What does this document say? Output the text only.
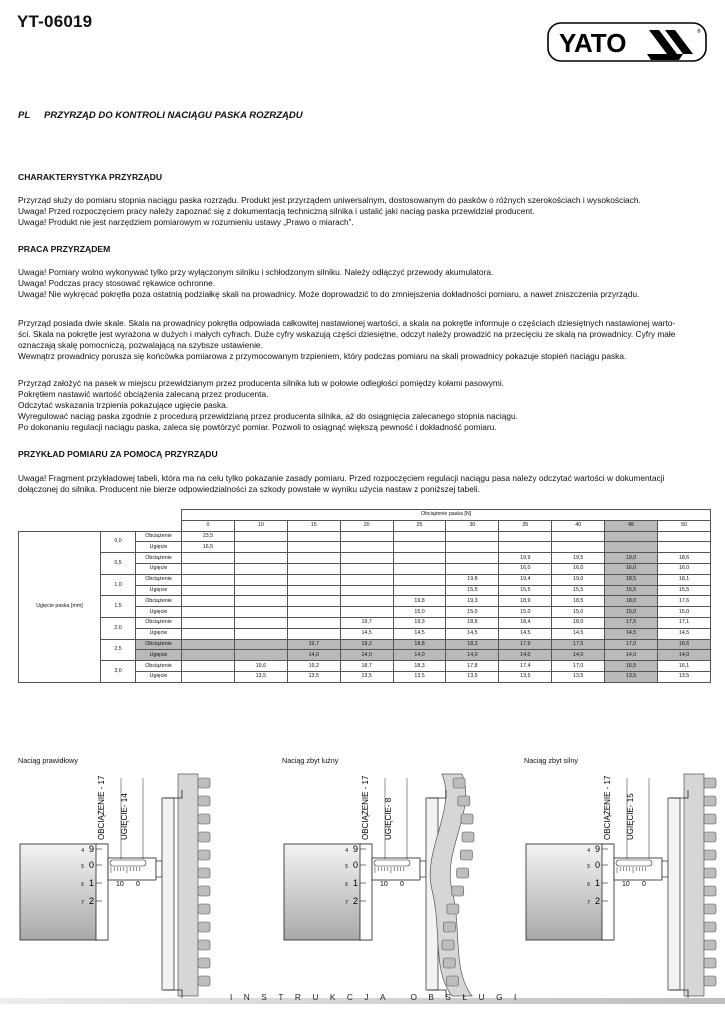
YT-06019
YATO	®
PL PRZYRZĄD DO KONTROLI NACIĄGU PASKA ROZRZĄDU
CHARAKTERYSTYKA PRZYRZĄDU
Przyrząd służy do pomiaru stopnia naciągu paska rozrządu. Produkt jest przyrządem uniwersalnym, dostosowanym do pasków o różnych szerokościach i wysokościach.
Uwaga! Przed rozpoczęciem pracy należy zapoznać się z dokumentacją techniczną silnika i ustalić jaki naciąg paska przewidział producent.
Uwaga! Produkt nie jest narzędziem pomiarowym w rozumieniu ustawy „Prawo o miarach”.
PRACA PRZYRZĄDEM
Uwaga! Pomiary wolno wykonywać tylko przy wyłączonym silniku i schłodzonym silniku. Należy odłączyć przewody akumulatora.
Uwaga! Podczas pracy stosować rękawice ochronne.
Uwaga! Nie wykręcać pokrętła poza ostatnią podziałkę skali na prowadnicy. Może doprowadzić to do zmniejszenia dokładności pomiaru, a nawet zniszczenia przyrządu.
Przyrząd posiada dwie skale. Skala na prowadnicy pokrętła odpowiada całkowitej nastawionej wartości, a skala na pokrętle informuje o częściach dziesiętnych nastawionej warto-
ści. Skala na pokrętle jest wyrażona w dużych i małych cyfrach. Duże cyfry wskazują części dziesiętne, odczyt należy prowadzić na przecięciu ze skalą na prowadnicy. Cyfry małe
oznaczają skalę pomocniczą, pozwalającą na szybsze ustawienie.
Wewnątrz prowadnicy porusza się końcówka pomiarowa z przymocowanym trzpieniem, który podczas pomiaru na skali prowadnicy pokazuje stopień naciągu paska.
Przyrząd założyć na pasek w miejscu przewidzianym przez producenta silnika lub w połowie odległości pomiędzy kołami pasowymi.
Pokrętłem nastawić wartość obciążenia zalecaną przez producenta.
Odczytać wskazania trzpienia pokazujące ugięcie paska.
Wyregulować naciąg paska zgodnie z procedurą przewidzianą przez producenta silnika, aż do osiągnięcia zalecanego stopnia naciągu.
Po dokonaniu regulacji naciągu paska, zaleca się powtórzyć pomiar. Pozwoli to osiągnąć większą pewność i dokładność pomiaru.
PRZYKŁAD POMIARU ZA POMOCĄ PRZYRZĄDU
Uwaga! Fragment przykładowej tabeli, która ma na celu tylko pokazanie zasady pomiaru. Przed rozpoczęciem regulacji naciągu pasa należy odczytać wartości w dokumentacji
dołączonej do silnika. Producent nie bierze odpowiedzialności za szkody powstałe w wyniku użycia nastaw z poniższej tabeli.
			Obciążenie paska [N]									
			0	10	15	20	25	30	35	40	45	50
Ugięcie paska [mm]	0,0	Obciążenie	23,5									
		Ugięcie	16,5									
	0,5	Obciążenie							19,9	19,5	19,0	18,6
		Ugięcie							16,0	16,0	16,0	16,0
	1,0	Obciążenie						19,8	19,4	19,0	18,5	18,1
		Ugięcie						15,5	15,5	15,5	15,5	15,5
	1,5	Obciążenie					19,8	19,3	18,9	18,5	18,0	17,6
		Ugięcie					15,0	15,0	15,0	15,0	15,0	15,0
	2,0	Obciążenie				19,7	19,3	18,8	18,4	18,0	17,5	17,1
		Ugięcie				14,5	14,5	14,5	14,5	14,5	14,5	14,5
	2,5	Obciążenie			19,7	19,2	18,8	18,3	17,9	17,5	17,0	16,6
		Ugięcie			14,0	14,0	14,0	14,0	14,0	14,0	14,0	14,0
	3,0	Obciążenie		19,6	19,2	18,7	18,3	17,8	17,4	17,0	16,5	16,1
		Ugięcie		13,5	13,5	13,5	13,5	13,5	13,5	13,5	13,5	13,5
Naciąg prawidłowy
9
4
0
5
1
6
2
7
10 0
OBCIĄŻENIE - 17 UGIĘCIE- 14
Naciąg zbyt luźny
9
4
0
5
1
6
2
7
10 0
OBCIĄŻENIE - 17 UGIĘCIE- 8
Naciąg zbyt silny
9
4
0
5
1
6
2
7
10 0
OBCIĄŻENIE - 17 UGIĘCIE- 15
INSTRUKCJA OBSŁUGI
